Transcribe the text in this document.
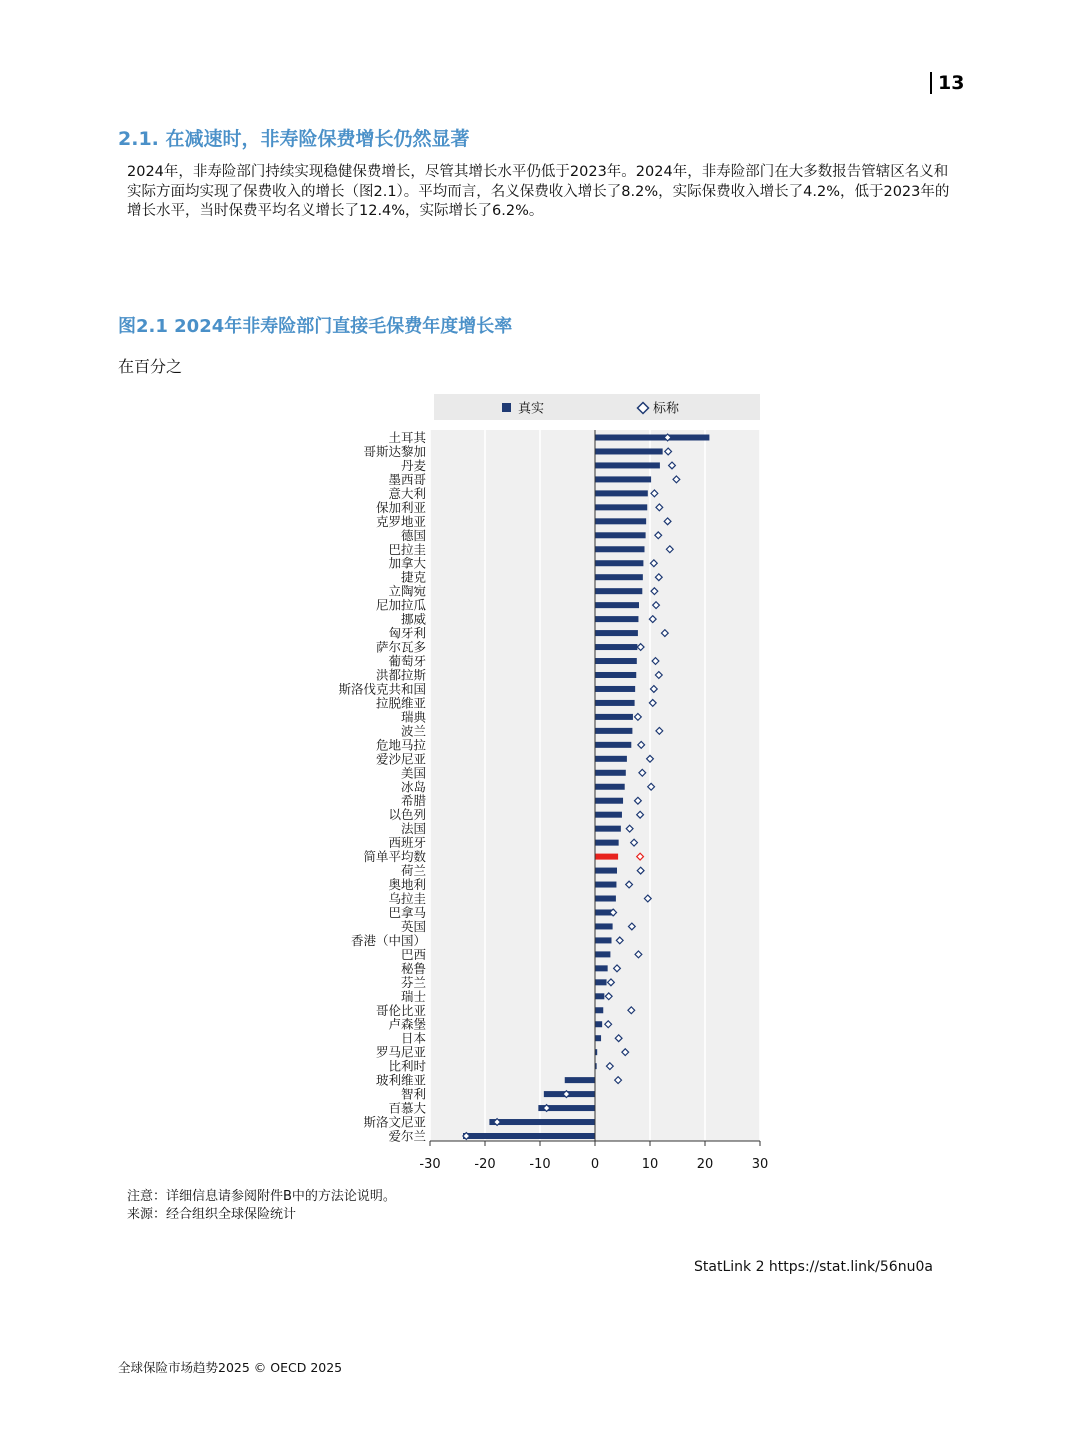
13
2.1. 在减速时，非寿险保费增长仍然显著
2024年，非寿险部门持续实现稳健保费增长，尽管其增长水平仍低于2023年。2024年，非寿险部门在大多数报告管辖区名义和实际方面均实现了保费收入的增长（图2.1）。平均而言，名义保费收入增长了8.2%，实际保费收入增长了4.2%，低于2023年的增长水平，当时保费平均名义增长了12.4%，实际增长了6.2%。
图2.1 2024年非寿险部门直接毛保费年度增长率
在百分之
真实	标称
土耳其
哥斯达黎加
丹麦
墨西哥
意大利
保加利亚
克罗地亚
德国
巴拉圭
加拿大
捷克
立陶宛
尼加拉瓜
挪威
匈牙利
萨尔瓦多
葡萄牙
洪都拉斯
斯洛伐克共和国
拉脱维亚
瑞典
波兰
危地马拉
爱沙尼亚
美国
冰岛
希腊
以色列
法国
西班牙
简单平均数
荷兰
奥地利
乌拉圭
巴拿马
英国
香港（中国）
巴西
秘鲁
芬兰
瑞士
哥伦比亚
卢森堡
日本
罗马尼亚
比利时
玻利维亚
智利
百慕大
斯洛文尼亚
爱尔兰
-30	-20	-10	0	10	20	30
注意：详细信息请参阅附件B中的方法论说明。
来源：经合组织全球保险统计
StatLink 2 https://stat.link/56nu0a
全球保险市场趋势2025 © OECD 2025
